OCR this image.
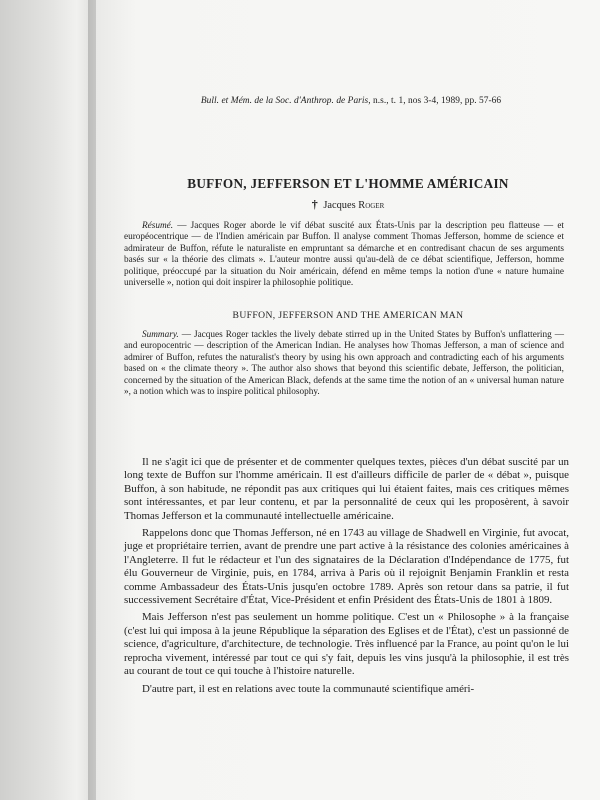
Bull. et Mém. de la Soc. d'Anthrop. de Paris, n.s., t. 1, nos 3-4, 1989, pp. 57-66
BUFFON, JEFFERSON ET L'HOMME AMÉRICAIN
† Jacques Roger

Résumé. — Jacques Roger aborde le vif débat suscité aux États-Unis par la description peu flatteuse — et européocentrique — de l'Indien américain par Buffon. Il analyse comment Thomas Jefferson, homme de science et admirateur de Buffon, réfute le naturaliste en empruntant sa démarche et en contredisant chacun de ses arguments basés sur « la théorie des climats ». L'auteur montre aussi qu'au-delà de ce débat scientifique, Jefferson, homme politique, préoccupé par la situation du Noir américain, défend en même temps la notion d'une « nature humaine universelle », notion qui doit inspirer la philosophie politique.

BUFFON, JEFFERSON AND THE AMERICAN MAN

Summary. — Jacques Roger tackles the lively debate stirred up in the United States by Buffon's unflattering — and europocentric — description of the American Indian. He analyses how Thomas Jefferson, a man of science and admirer of Buffon, refutes the naturalist's theory by using his own approach and contradicting each of his arguments based on « the climate theory ». The author also shows that beyond this scientific debate, Jefferson, the politician, concerned by the situation of the American Black, defends at the same time the notion of an « universal human nature », a notion which was to inspire political philosophy.

Il ne s'agit ici que de présenter et de commenter quelques textes, pièces d'un débat suscité par un long texte de Buffon sur l'homme américain. Il est d'ailleurs difficile de parler de « débat », puisque Buffon, à son habitude, ne répondit pas aux critiques qui lui étaient faites, mais ces critiques mêmes sont intéressantes, et par leur contenu, et par la personnalité de ceux qui les proposèrent, à savoir Thomas Jefferson et la communauté intellectuelle américaine.

Rappelons donc que Thomas Jefferson, né en 1743 au village de Shadwell en Virginie, fut avocat, juge et propriétaire terrien, avant de prendre une part active à la résistance des colonies américaines à l'Angleterre. Il fut le rédacteur et l'un des signataires de la Déclaration d'Indépendance de 1775, fut élu Gouverneur de Virginie, puis, en 1784, arriva à Paris où il rejoignit Benjamin Franklin et resta comme Ambassadeur des États-Unis jusqu'en octobre 1789. Après son retour dans sa patrie, il fut successivement Secrétaire d'État, Vice-Président et enfin Président des États-Unis de 1801 à 1809.

Mais Jefferson n'est pas seulement un homme politique. C'est un « Philosophe » à la française (c'est lui qui imposa à la jeune République la séparation des Eglises et de l'État), c'est un passionné de science, d'agriculture, d'architecture, de technologie. Très influencé par la France, au point qu'on le lui reprocha vivement, intéressé par tout ce qui s'y fait, depuis les vins jusqu'à la philosophie, il est très au courant de tout ce qui touche à l'histoire naturelle.

D'autre part, il est en relations avec toute la communauté scientifique améri-
